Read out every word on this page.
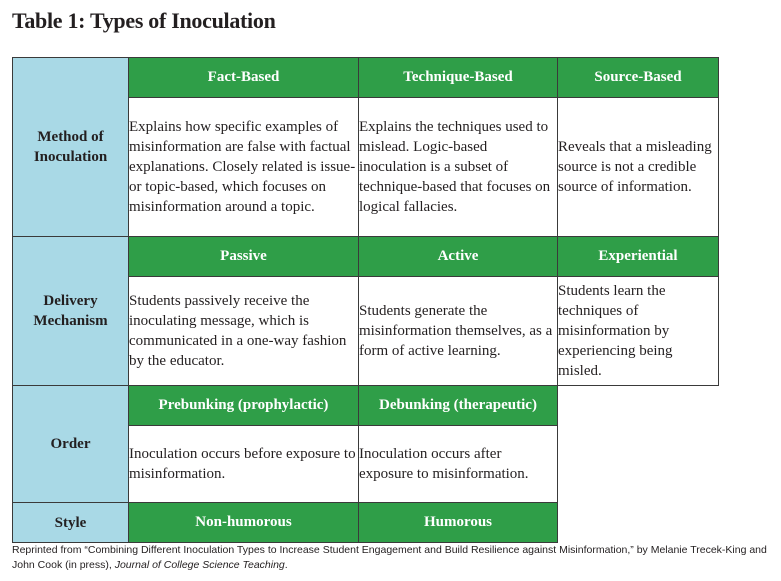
Table 1: Types of Inoculation
Method of Inoculation	Fact-Based	Technique-Based	Source-Based
	Explains how specific examples of misinformation are false with factual explanations. Closely related is issue- or topic-based, which focuses on misinformation around a topic.	Explains the techniques used to mislead. Logic-based inoculation is a subset of technique-based that focuses on logical fallacies.	Reveals that a misleading source is not a credible source of information.
Delivery Mechanism	Passive	Active	Experiential
	Students passively receive the inoculating message, which is communicated in a one-way fashion by the educator.	Students generate the misinformation themselves, as a form of active learning.	Students learn the techniques of misinformation by experiencing being misled.
Order	Prebunking (prophylactic)	Debunking (therapeutic)	
	Inoculation occurs before exposure to misinformation.	Inoculation occurs after exposure to misinformation.	
Style	Non-humorous	Humorous	
Reprinted from “Combining Different Inoculation Types to Increase Student Engagement and Build Resilience against Misinformation,” by Melanie Trecek-King and John Cook (in press), Journal of College Science Teaching.
